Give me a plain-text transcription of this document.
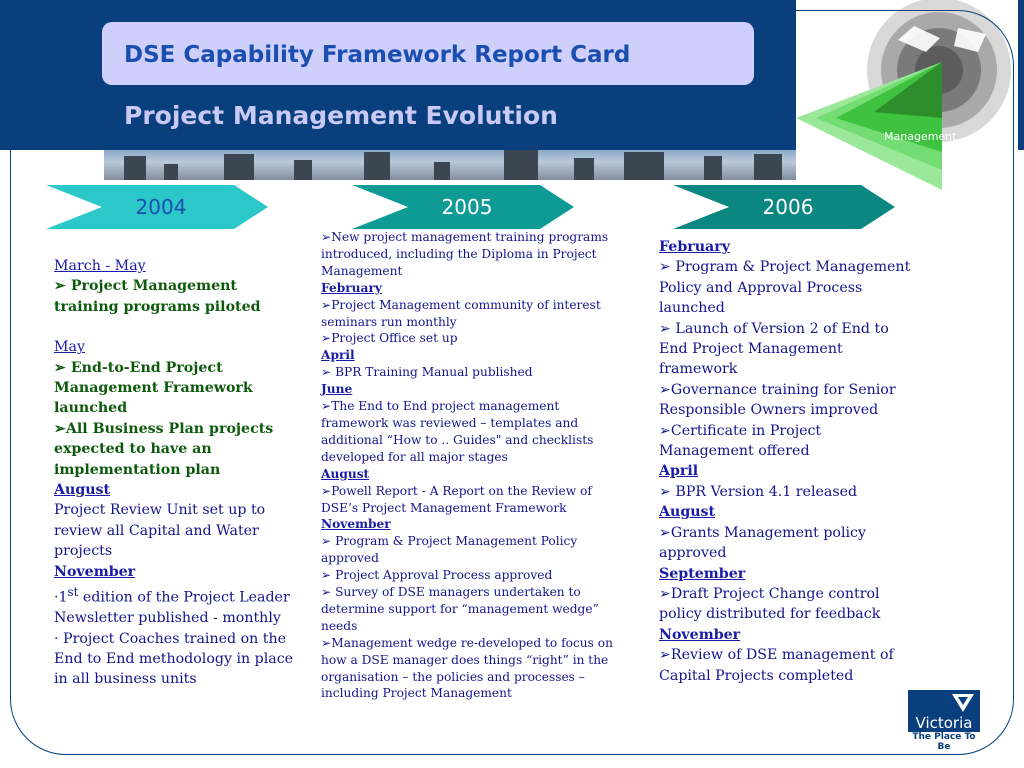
DSE Capability Framework Report Card
Project Management Evolution
Management
2004	2005	2006

March - May

➢ Project Management training programs piloted

May

➢ End-to-End Project Management Framework launched

➢All Business Plan projects expected to have an implementation plan

August

Project Review Unit set up to review all Capital and Water projects

November

·1st edition of the Project Leader Newsletter published - monthly

· Project Coaches trained on the End to End methodology in place in all business units

➢New project management training programs introduced, including the Diploma in Project Management

February

➢Project Management community of interest seminars run monthly

➢Project Office set up

April

➢ BPR Training Manual published

June

➢The End to End project management framework was reviewed – templates and additional “How to .. Guides" and checklists developed for all major stages

August

➢Powell Report - A Report on the Review of DSE’s Project Management Framework

November

➢ Program & Project Management Policy approved

➢ Project Approval Process approved

➢ Survey of DSE managers undertaken to determine support for “management wedge” needs

➢Management wedge re-developed to focus on how a DSE manager does things “right” in the organisation – the policies and processes – including Project Management

February

➢ Program & Project Management Policy and Approval Process launched

➢ Launch of Version 2 of End to End Project Management framework

➢Governance training for Senior Responsible Owners improved

➢Certificate in Project Management offered

April

➢ BPR Version 4.1 released

August

➢Grants Management policy approved

September

➢Draft Project Change control policy distributed for feedback

November

➢Review of DSE management of Capital Projects completed

Victoria
The Place To Be
